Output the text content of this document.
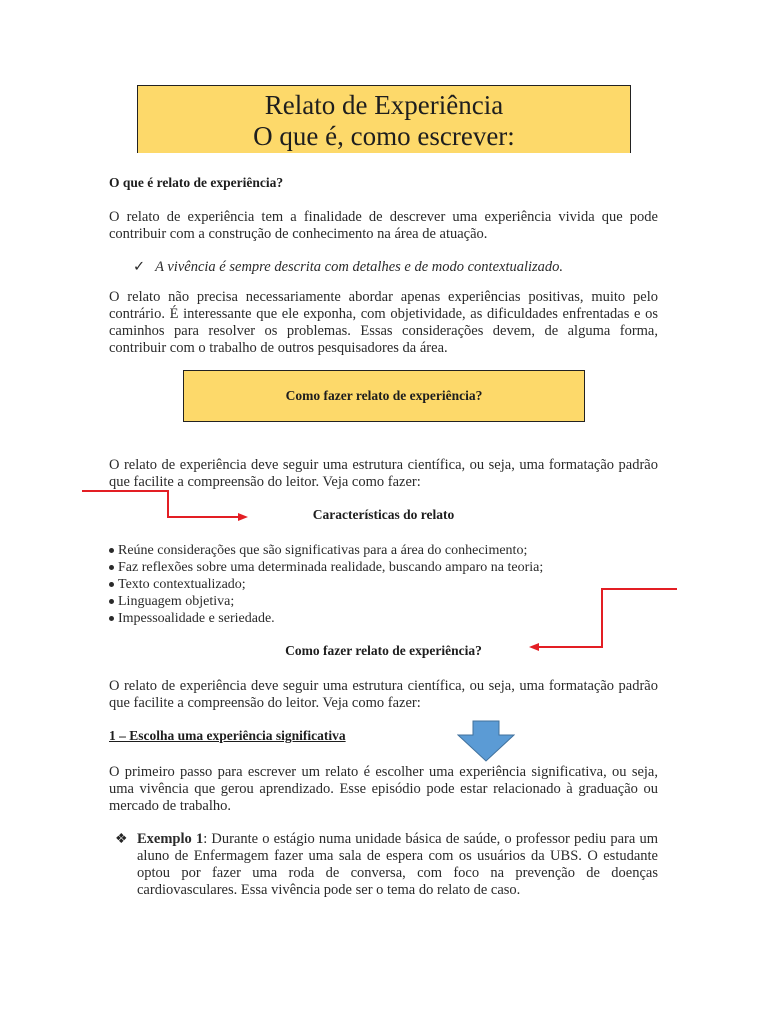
Relato de Experiência
O que é, como escrever:
O que é relato de experiência?
O relato de experiência tem a finalidade de descrever uma experiência vivida que pode contribuir com a construção de conhecimento na área de atuação.
✓ A vivência é sempre descrita com detalhes e de modo contextualizado.
O relato não precisa necessariamente abordar apenas experiências positivas, muito pelo contrário. É interessante que ele exponha, com objetividade, as dificuldades enfrentadas e os caminhos para resolver os problemas. Essas considerações devem, de alguma forma, contribuir com o trabalho de outros pesquisadores da área.
Como fazer relato de experiência?
O relato de experiência deve seguir uma estrutura científica, ou seja, uma formatação padrão que facilite a compreensão do leitor. Veja como fazer:
Características do relato
Reúne considerações que são significativas para a área do conhecimento;
Faz reflexões sobre uma determinada realidade, buscando amparo na teoria;
Texto contextualizado;
Linguagem objetiva;
Impessoalidade e seriedade.
Como fazer relato de experiência?
O relato de experiência deve seguir uma estrutura científica, ou seja, uma formatação padrão que facilite a compreensão do leitor. Veja como fazer:
1 – Escolha uma experiência significativa
O primeiro passo para escrever um relato é escolher uma experiência significativa, ou seja, uma vivência que gerou aprendizado. Esse episódio pode estar relacionado à graduação ou mercado de trabalho.
❖ Exemplo 1: Durante o estágio numa unidade básica de saúde, o professor pediu para um aluno de Enfermagem fazer uma sala de espera com os usuários da UBS. O estudante optou por fazer uma roda de conversa, com foco na prevenção de doenças cardiovasculares. Essa vivência pode ser o tema do relato de caso.
